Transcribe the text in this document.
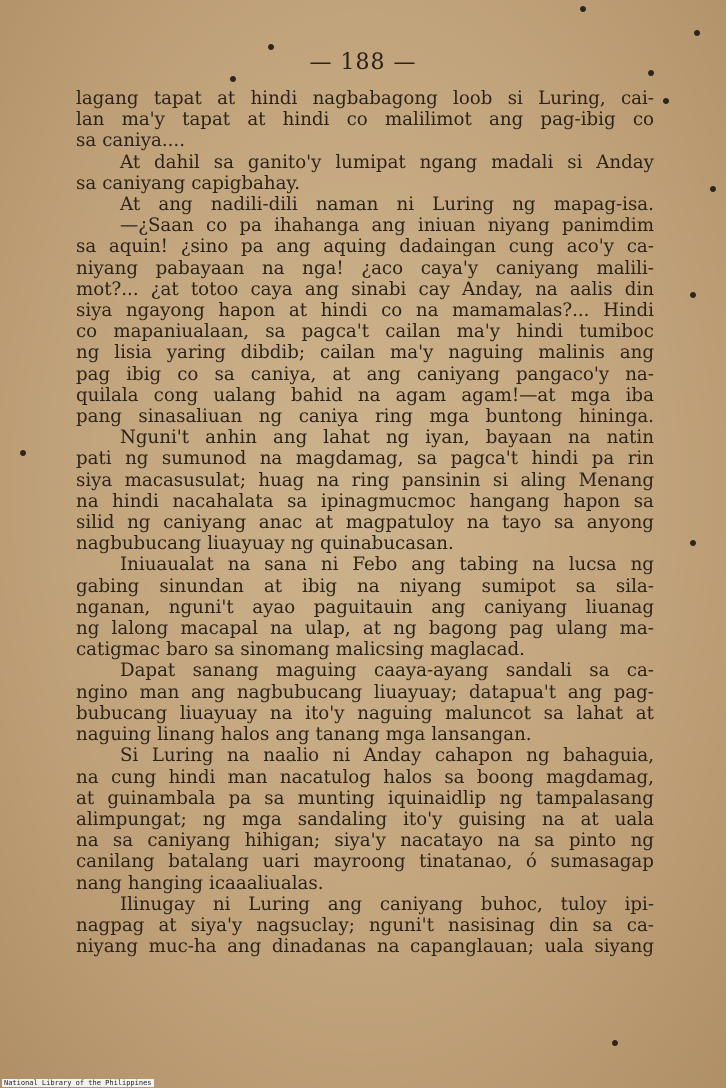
— 188 —
lagang tapat at hindi nagbabagong loob si Luring, cai-
lan ma'y tapat at hindi co malilimot ang pag-ibig co
sa caniya....
At dahil sa ganito'y lumipat ngang madali si Anday
sa caniyang capigbahay.
At ang nadili-dili naman ni Luring ng mapag-isa.
—¿Saan co pa ihahanga ang iniuan niyang panimdim
sa aquin! ¿sino pa ang aquing dadaingan cung aco'y ca-
niyang pabayaan na nga! ¿aco caya'y caniyang malili-
mot?... ¿at totoo caya ang sinabi cay Anday, na aalis din
siya ngayong hapon at hindi co na mamamalas?... Hindi
co mapaniualaan, sa pagca't cailan ma'y hindi tumiboc
ng lisia yaring dibdib; cailan ma'y naguing malinis ang
pag ibig co sa caniya, at ang caniyang pangaco'y na-
quilala cong ualang bahid na agam agam!—at mga iba
pang sinasaliuan ng caniya ring mga buntong hininga.
Nguni't anhin ang lahat ng iyan, bayaan na natin
pati ng sumunod na magdamag, sa pagca't hindi pa rin
siya macasusulat; huag na ring pansinin si aling Menang
na hindi nacahalata sa ipinagmucmoc hangang hapon sa
silid ng caniyang anac at magpatuloy na tayo sa anyong
nagbubucang liuayuay ng quinabucasan.
Iniuaualat na sana ni Febo ang tabing na lucsa ng
gabing sinundan at ibig na niyang sumipot sa sila-
nganan, nguni't ayao paguitauin ang caniyang liuanag
ng lalong macapal na ulap, at ng bagong pag ulang ma-
catigmac baro sa sinomang malicsing maglacad.
Dapat sanang maguing caaya-ayang sandali sa ca-
ngino man ang nagbubucang liuayuay; datapua't ang pag-
bubucang liuayuay na ito'y naguing maluncot sa lahat at
naguing linang halos ang tanang mga lansangan.
Si Luring na naalio ni Anday cahapon ng bahaguia,
na cung hindi man nacatulog halos sa boong magdamag,
at guinambala pa sa munting iquinaidlip ng tampalasang
alimpungat; ng mga sandaling ito'y guising na at uala
na sa caniyang hihigan; siya'y nacatayo na sa pinto ng
canilang batalang uari mayroong tinatanao, ó sumasagap
nang hanging icaaaliualas.
Ilinugay ni Luring ang caniyang buhoc, tuloy ipi-
nagpag at siya'y nagsuclay; nguni't nasisinag din sa ca-
niyang muc-ha ang dinadanas na capanglauan; uala siyang
National Library of the Philippines
